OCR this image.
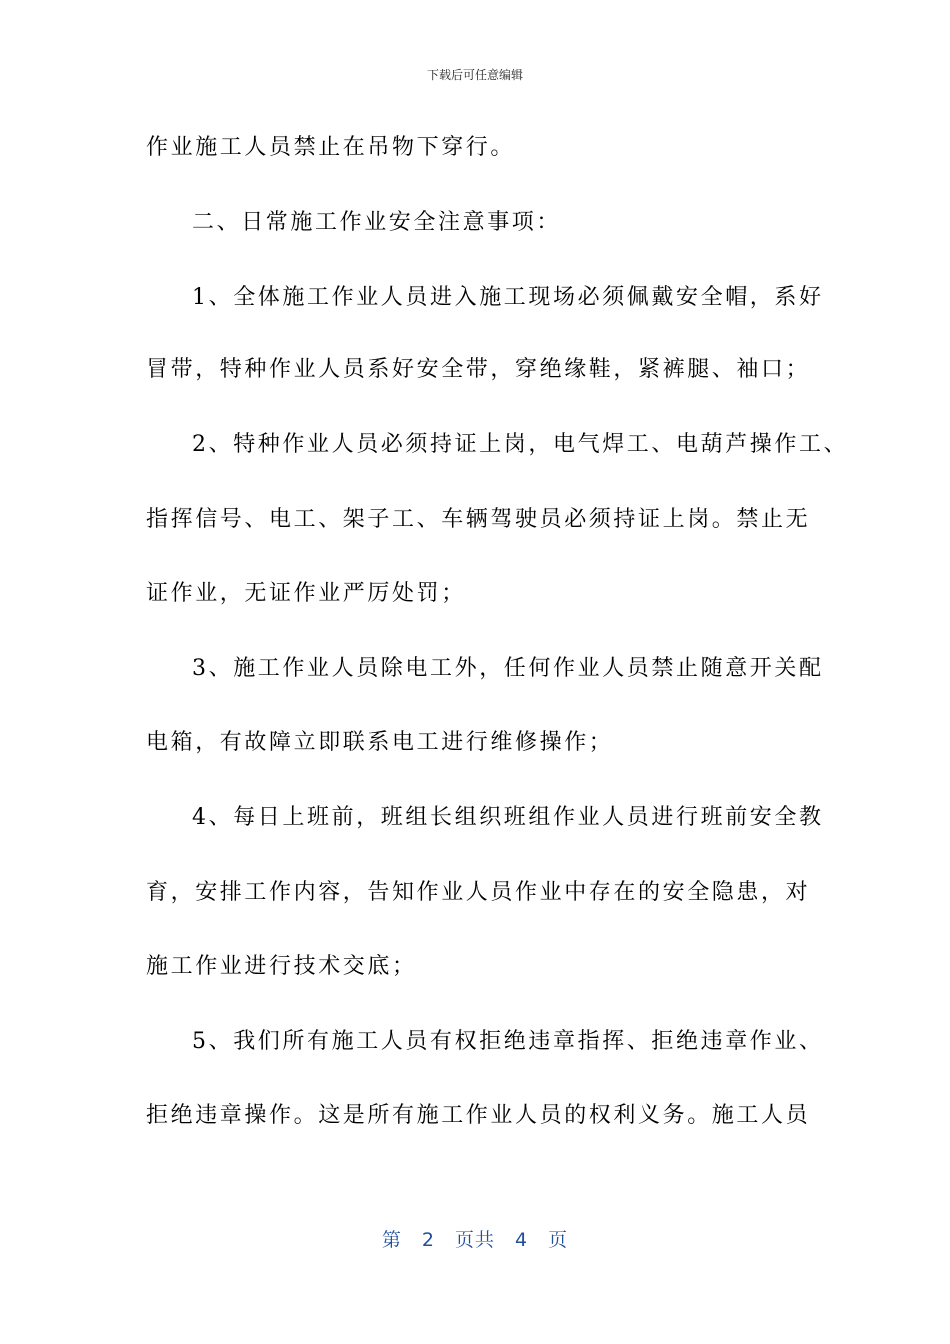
下载后可任意编辑
作业施工人员禁止在吊物下穿行。
二、日常施工作业安全注意事项：
1、全体施工作业人员进入施工现场必须佩戴安全帽，系好
冒带，特种作业人员系好安全带，穿绝缘鞋，紧裤腿、袖口；
2、特种作业人员必须持证上岗，电气焊工、电葫芦操作工、
指挥信号、电工、架子工、车辆驾驶员必须持证上岗。禁止无
证作业，无证作业严厉处罚；
3、施工作业人员除电工外，任何作业人员禁止随意开关配
电箱，有故障立即联系电工进行维修操作；
4、每日上班前，班组长组织班组作业人员进行班前安全教
育，安排工作内容，告知作业人员作业中存在的安全隐患，对
施工作业进行技术交底；
5、我们所有施工人员有权拒绝违章指挥、拒绝违章作业、
拒绝违章操作。这是所有施工作业人员的权利义务。施工人员
第 2 页共 4 页
